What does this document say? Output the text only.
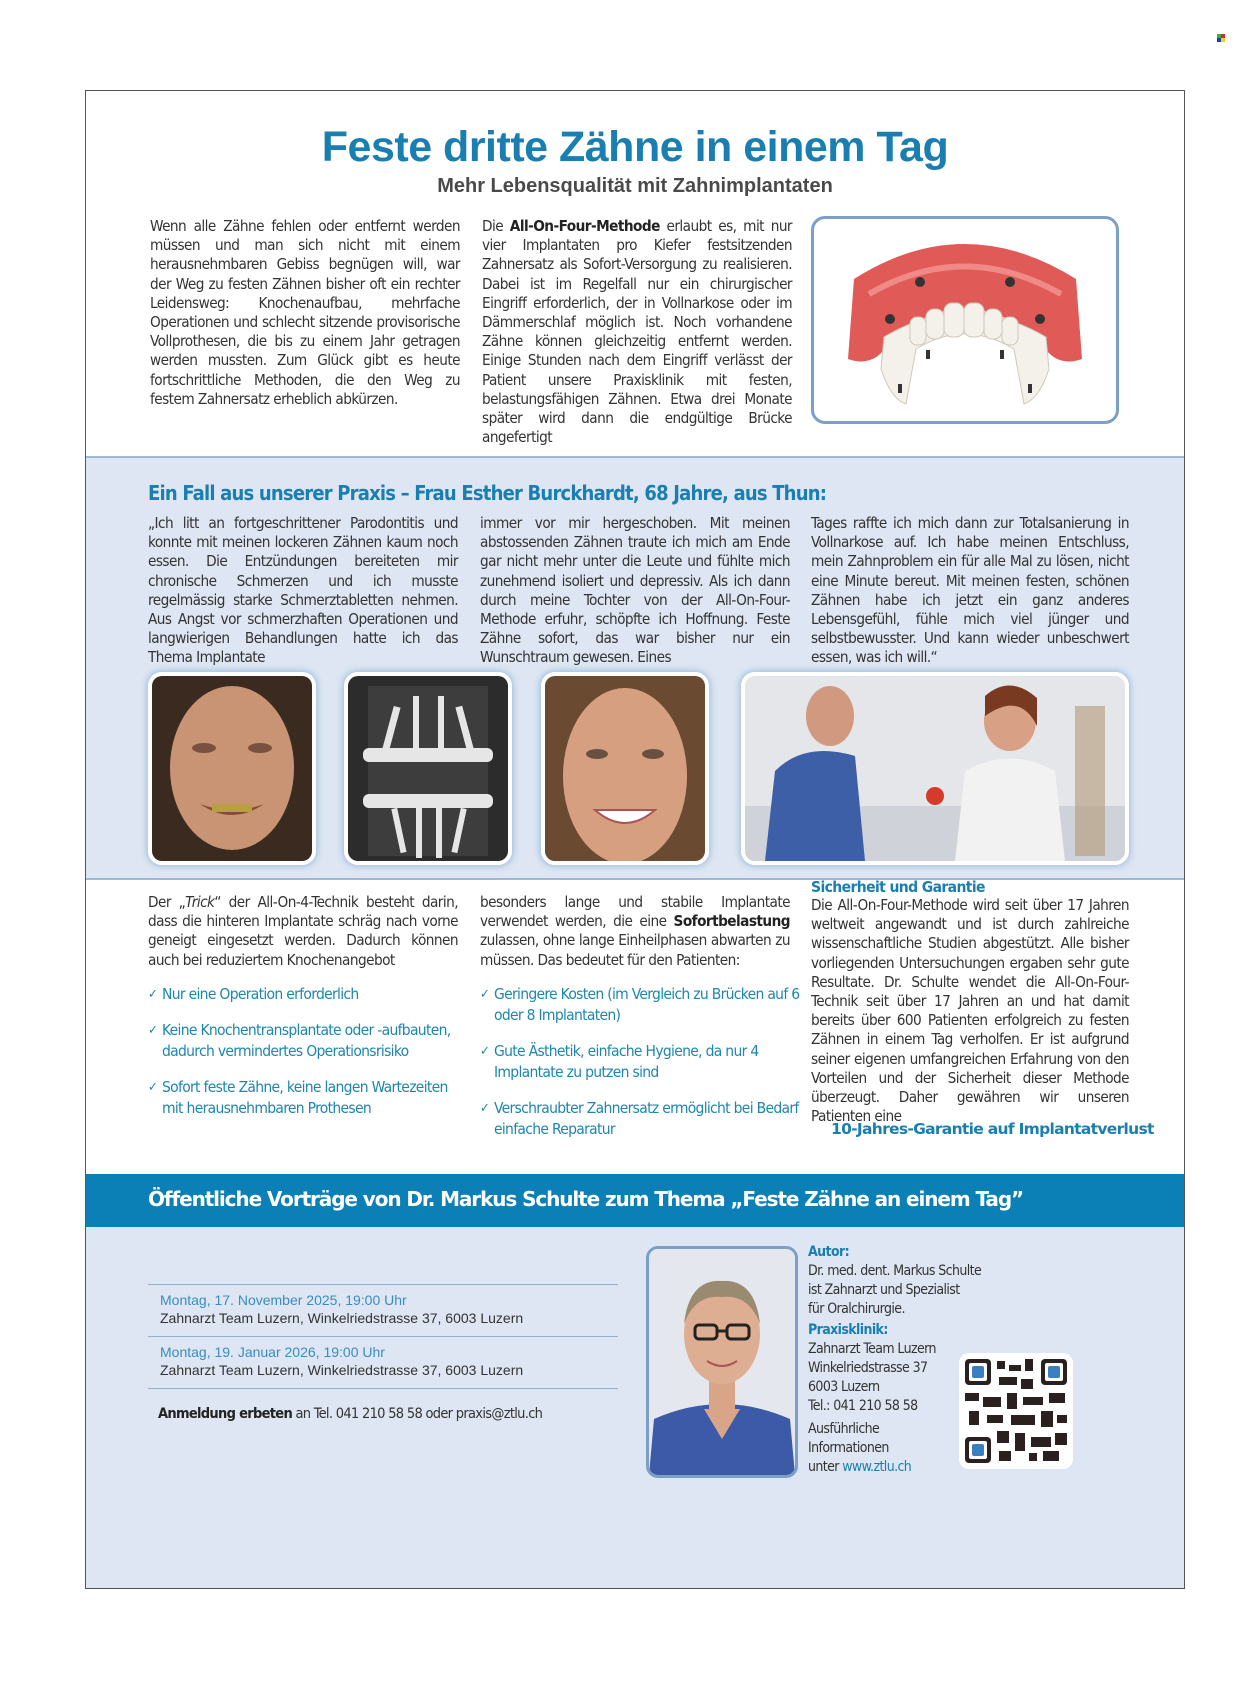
Feste dritte Zähne in einem Tag
Mehr Lebensqualität mit Zahnimplantaten
Wenn alle Zähne fehlen oder entfernt werden müssen und man sich nicht mit einem herausnehmbaren Gebiss begnügen will, war der Weg zu festen Zähnen bisher oft ein rechter Leidensweg: Knochenaufbau, mehrfache Operationen und schlecht sitzende provisorische Vollprothesen, die bis zu einem Jahr getragen werden mussten. Zum Glück gibt es heute fortschrittliche Methoden, die den Weg zu festem Zahnersatz erheblich abkürzen.
Die All-On-Four-Methode erlaubt es, mit nur vier Implantaten pro Kiefer festsitzenden Zahnersatz als Sofort-Versorgung zu realisieren. Dabei ist im Regelfall nur ein chirurgischer Eingriff erforderlich, der in Vollnarkose oder im Dämmerschlaf möglich ist. Noch vorhandene Zähne können gleichzeitig entfernt werden. Einige Stunden nach dem Eingriff verlässt der Patient unsere Praxisklinik mit festen, belastungsfähigen Zähnen. Etwa drei Monate später wird dann die endgültige Brücke angefertigt
Ein Fall aus unserer Praxis – Frau Esther Burckhardt, 68 Jahre, aus Thun:
„Ich litt an fortgeschrittener Parodontitis und konnte mit meinen lockeren Zähnen kaum noch essen. Die Entzündungen bereiteten mir chronische Schmerzen und ich musste regelmässig starke Schmerztabletten nehmen. Aus Angst vor schmerzhaften Operationen und langwierigen Behandlungen hatte ich das Thema Implantate
immer vor mir hergeschoben. Mit meinen abstossenden Zähnen traute ich mich am Ende gar nicht mehr unter die Leute und fühlte mich zunehmend isoliert und depressiv. Als ich dann durch meine Tochter von der All-On-Four-Methode erfuhr, schöpfte ich Hoffnung. Feste Zähne sofort, das war bisher nur ein Wunschtraum gewesen. Eines
Tages raffte ich mich dann zur Totalsanierung in Vollnarkose auf. Ich habe meinen Entschluss, mein Zahnproblem ein für alle Mal zu lösen, nicht eine Minute bereut. Mit meinen festen, schönen Zähnen habe ich jetzt ein ganz anderes Lebensgefühl, fühle mich viel jünger und selbstbewusster. Und kann wieder unbeschwert essen, was ich will.“
Der „Trick“ der All-On-4-Technik besteht darin, dass die hinteren Implantate schräg nach vorne geneigt eingesetzt werden. Dadurch können auch bei reduziertem Knochenangebot
besonders lange und stabile Implantate verwendet werden, die eine Sofortbelastung zulassen, ohne lange Einheilphasen abwarten zu müssen. Das bedeutet für den Patienten:
✓ Nur eine Operation erforderlich
✓ Keine Knochentransplantate oder -aufbauten, dadurch vermindertes Operationsrisiko
✓ Sofort feste Zähne, keine langen Wartezeiten mit herausnehmbaren Prothesen
✓ Geringere Kosten (im Vergleich zu Brücken auf 6 oder 8 Implantaten)
✓ Gute Ästhetik, einfache Hygiene, da nur 4 Implantate zu putzen sind
✓ Verschraubter Zahnersatz ermöglicht bei Bedarf einfache Reparatur
Sicherheit und Garantie
Die All-On-Four-Methode wird seit über 17 Jahren weltweit angewandt und ist durch zahlreiche wissenschaftliche Studien abgestützt. Alle bisher vorliegenden Untersuchungen ergaben sehr gute Resultate. Dr. Schulte wendet die All-On-Four-Technik seit über 17 Jahren an und hat damit bereits über 600 Patienten erfolgreich zu festen Zähnen in einem Tag verholfen. Er ist aufgrund seiner eigenen umfangreichen Erfahrung von den Vorteilen und der Sicherheit dieser Methode überzeugt. Daher gewähren wir unseren Patienten eine
10-Jahres-Garantie auf Implantatverlust
Öffentliche Vorträge von Dr. Markus Schulte zum Thema „Feste Zähne an einem Tag”
Montag, 17. November 2025, 19:00 Uhr
Zahnarzt Team Luzern, Winkelriedstrasse 37, 6003 Luzern
Montag, 19. Januar 2026, 19:00 Uhr
Zahnarzt Team Luzern, Winkelriedstrasse 37, 6003 Luzern
Anmeldung erbeten an Tel. 041 210 58 58 oder praxis@ztlu.ch
Autor:
Dr. med. dent. Markus Schulte
ist Zahnarzt und Spezialist
für Oralchirurgie.
Praxisklinik:
Zahnarzt Team Luzern
Winkelriedstrasse 37
6003 Luzern
Tel.: 041 210 58 58
Ausführliche
Informationen
unter www.ztlu.ch
